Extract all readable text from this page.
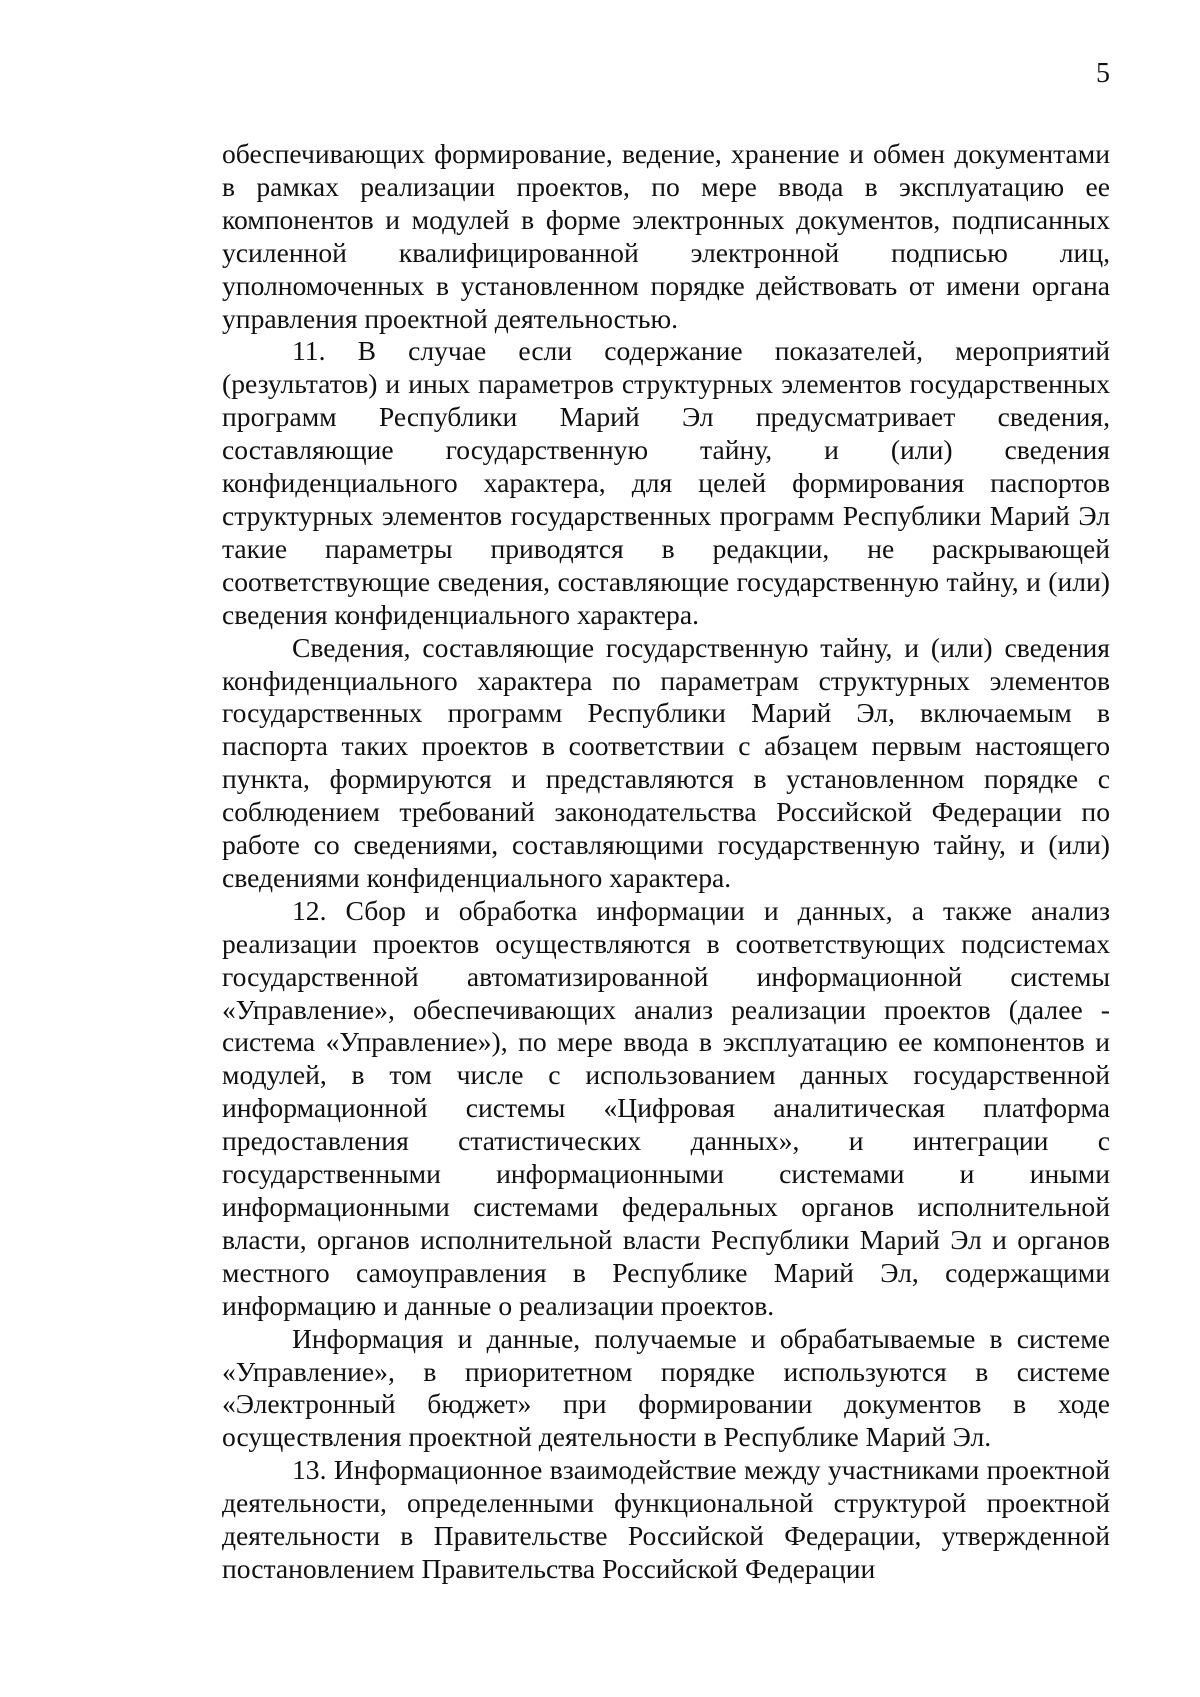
5

обеспечивающих формирование, ведение, хранение и обмен документами в рамках реализации проектов, по мере ввода в эксплуатацию ее компонентов и модулей в форме электронных документов, подписанных усиленной квалифицированной электронной подписью лиц, уполномоченных в установленном порядке действовать от имени органа управления проектной деятельностью.

11. В случае если содержание показателей, мероприятий (результатов) и иных параметров структурных элементов государственных программ Республики Марий Эл предусматривает сведения, составляющие государственную тайну, и (или) сведения конфиденциального характера, для целей формирования паспортов структурных элементов государственных программ Республики Марий Эл такие параметры приводятся в редакции, не раскрывающей соответствующие сведения, составляющие государственную тайну, и (или) сведения конфиденциального характера.

Сведения, составляющие государственную тайну, и (или) сведения конфиденциального характера по параметрам структурных элементов государственных программ Республики Марий Эл, включаемым в паспорта таких проектов в соответствии с абзацем первым настоящего пункта, формируются и представляются в установленном порядке с соблюдением требований законодательства Российской Федерации по работе со сведениями, составляющими государственную тайну, и (или) сведениями конфиденциального характера.

12. Сбор и обработка информации и данных, а также анализ реализации проектов осуществляются в соответствующих подсистемах государственной автоматизированной информационной системы «Управление», обеспечивающих анализ реализации проектов (далее - система «Управление»), по мере ввода в эксплуатацию ее компонентов и модулей, в том числе с использованием данных государственной информационной системы «Цифровая аналитическая платформа предоставления статистических данных», и интеграции с государственными информационными системами и иными информационными системами федеральных органов исполнительной власти, органов исполнительной власти Республики Марий Эл и органов местного самоуправления в Республике Марий Эл, содержащими информацию и данные о реализации проектов.

Информация и данные, получаемые и обрабатываемые в системе «Управление», в приоритетном порядке используются в системе «Электронный бюджет» при формировании документов в ходе осуществления проектной деятельности в Республике Марий Эл.

13. Информационное взаимодействие между участниками проектной деятельности, определенными функциональной структурой проектной деятельности в Правительстве Российской Федерации, утвержденной постановлением Правительства Российской Федерации
